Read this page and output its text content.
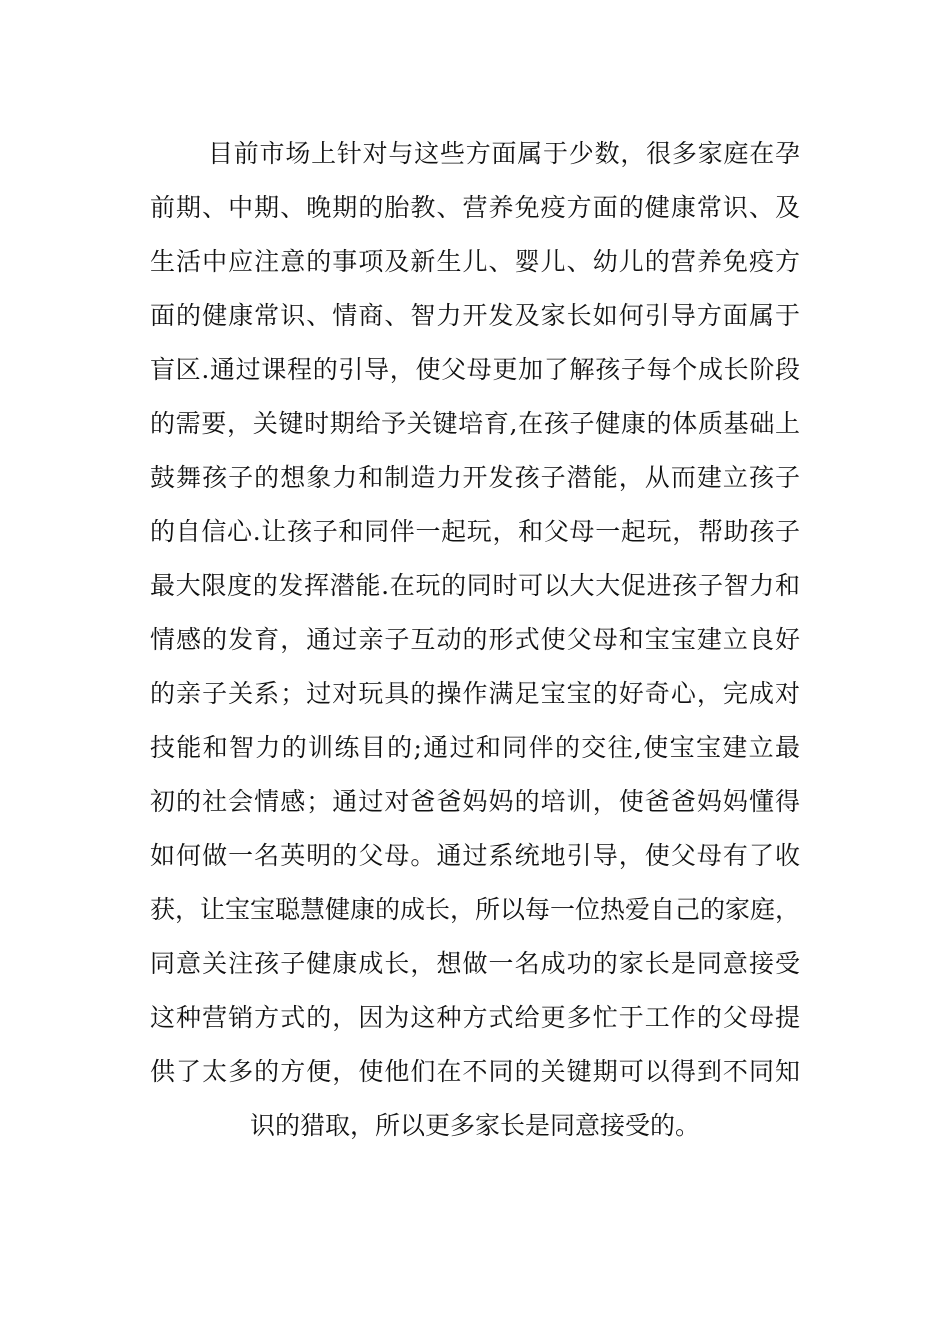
目前市场上针对与这些方面属于少数，很多家庭在孕
前期、中期、晚期的胎教、营养免疫方面的健康常识、及
生活中应注意的事项及新生儿、婴儿、幼儿的营养免疫方
面的健康常识、情商、智力开发及家长如何引导方面属于
盲区.通过课程的引导，使父母更加了解孩子每个成长阶段
的需要，关键时期给予关键培育,在孩子健康的体质基础上
鼓舞孩子的想象力和制造力开发孩子潜能，从而建立孩子
的自信心.让孩子和同伴一起玩，和父母一起玩，帮助孩子
最大限度的发挥潜能.在玩的同时可以大大促进孩子智力和
情感的发育，通过亲子互动的形式使父母和宝宝建立良好
的亲子关系；过对玩具的操作满足宝宝的好奇心，完成对
技能和智力的训练目的;通过和同伴的交往,使宝宝建立最
初的社会情感；通过对爸爸妈妈的培训，使爸爸妈妈懂得
如何做一名英明的父母。通过系统地引导，使父母有了收
获，让宝宝聪慧健康的成长，所以每一位热爱自己的家庭，
同意关注孩子健康成长，想做一名成功的家长是同意接受
这种营销方式的，因为这种方式给更多忙于工作的父母提
供了太多的方便，使他们在不同的关键期可以得到不同知
识的猎取，所以更多家长是同意接受的。
